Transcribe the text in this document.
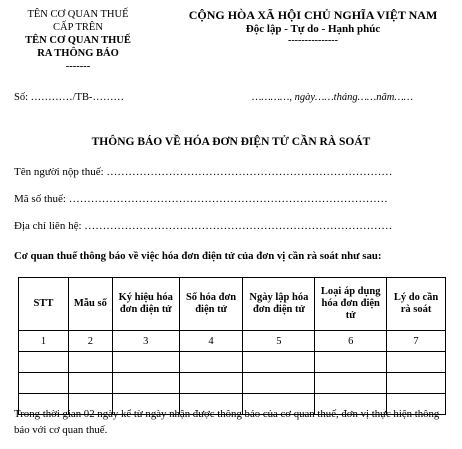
TÊN CƠ QUAN THUẾ
CẤP TRÊN
TÊN CƠ QUAN THUẾ
RA THÔNG BÁO
-------
CỘNG HÒA XÃ HỘI CHỦ NGHĨA VIỆT NAM
Độc lập - Tự do - Hạnh phúc
---------------
Số: …………/TB-………	…………, ngày……tháng……năm……
THÔNG BÁO VỀ HÓA ĐƠN ĐIỆN TỬ CẦN RÀ SOÁT
Tên người nộp thuế: ……………………………………………………………………
Mã số thuế: ……………………………………………………………………………
Địa chỉ liên hệ: …………………………………………………………………………
Cơ quan thuế thông báo về việc hóa đơn điện tử của đơn vị cần rà soát như sau:
STT	Mẫu số	Ký hiệu hóa đơn điện tử	Số hóa đơn điện tử	Ngày lập hóa đơn điện tử	Loại áp dụng hóa đơn điện tử	Lý do cần rà soát
1	2	3	4	5	6	7

Trong thời gian 02 ngày kể từ ngày nhận được thông báo của cơ quan thuế, đơn vị thực hiện thông báo với cơ quan thuế.
